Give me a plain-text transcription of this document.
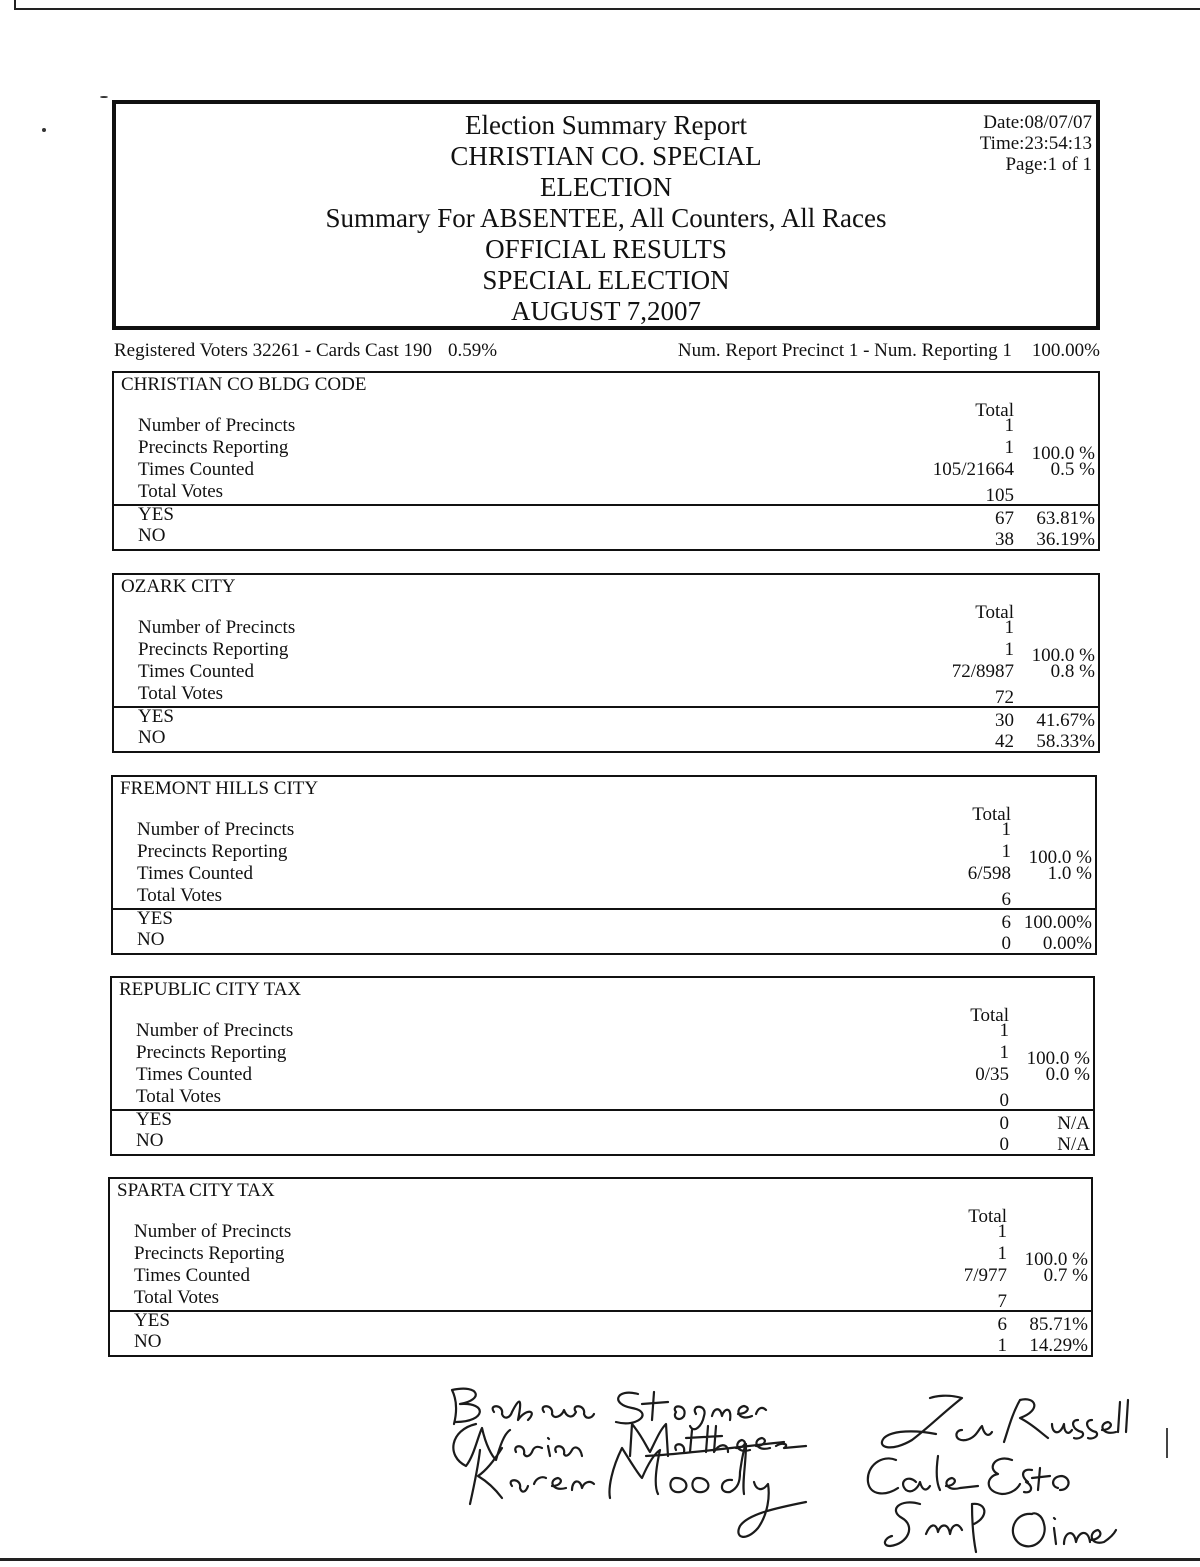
Election Summary Report
CHRISTIAN CO. SPECIAL
ELECTION
Summary For ABSENTEE, All Counters, All Races
OFFICIAL RESULTS
SPECIAL ELECTION
AUGUST 7,2007
Date:08/07/07
Time:23:54:13
Page:1 of 1
Registered Voters 32261 - Cards Cast 190 0.59%	Num. Report Precinct 1 - Num. Reporting 1 100.00%
CHRISTIAN CO BLDG CODE
Total
Number of Precincts	1
Precincts Reporting	1 100.0 %
Times Counted	105/21664 0.5 %
Total Votes	105
YES	67 63.81%
NO	38 36.19%
OZARK CITY
Total
Number of Precincts	1
Precincts Reporting	1 100.0 %
Times Counted	72/8987 0.8 %
Total Votes	72
YES	30 41.67%
NO	42 58.33%
FREMONT HILLS CITY
Total
Number of Precincts	1
Precincts Reporting	1 100.0 %
Times Counted	6/598 1.0 %
Total Votes	6
YES	6 100.00%
NO	0 0.00%
REPUBLIC CITY TAX
Total
Number of Precincts	1
Precincts Reporting	1 100.0 %
Times Counted	0/35 0.0 %
Total Votes	0
YES	0	N/A
NO	0	N/A
SPARTA CITY TAX
Total
Number of Precincts	1
Precincts Reporting	1 100.0 %
Times Counted	7/977 0.7 %
Total Votes	7
YES	6 85.71%
NO	1 14.29%
